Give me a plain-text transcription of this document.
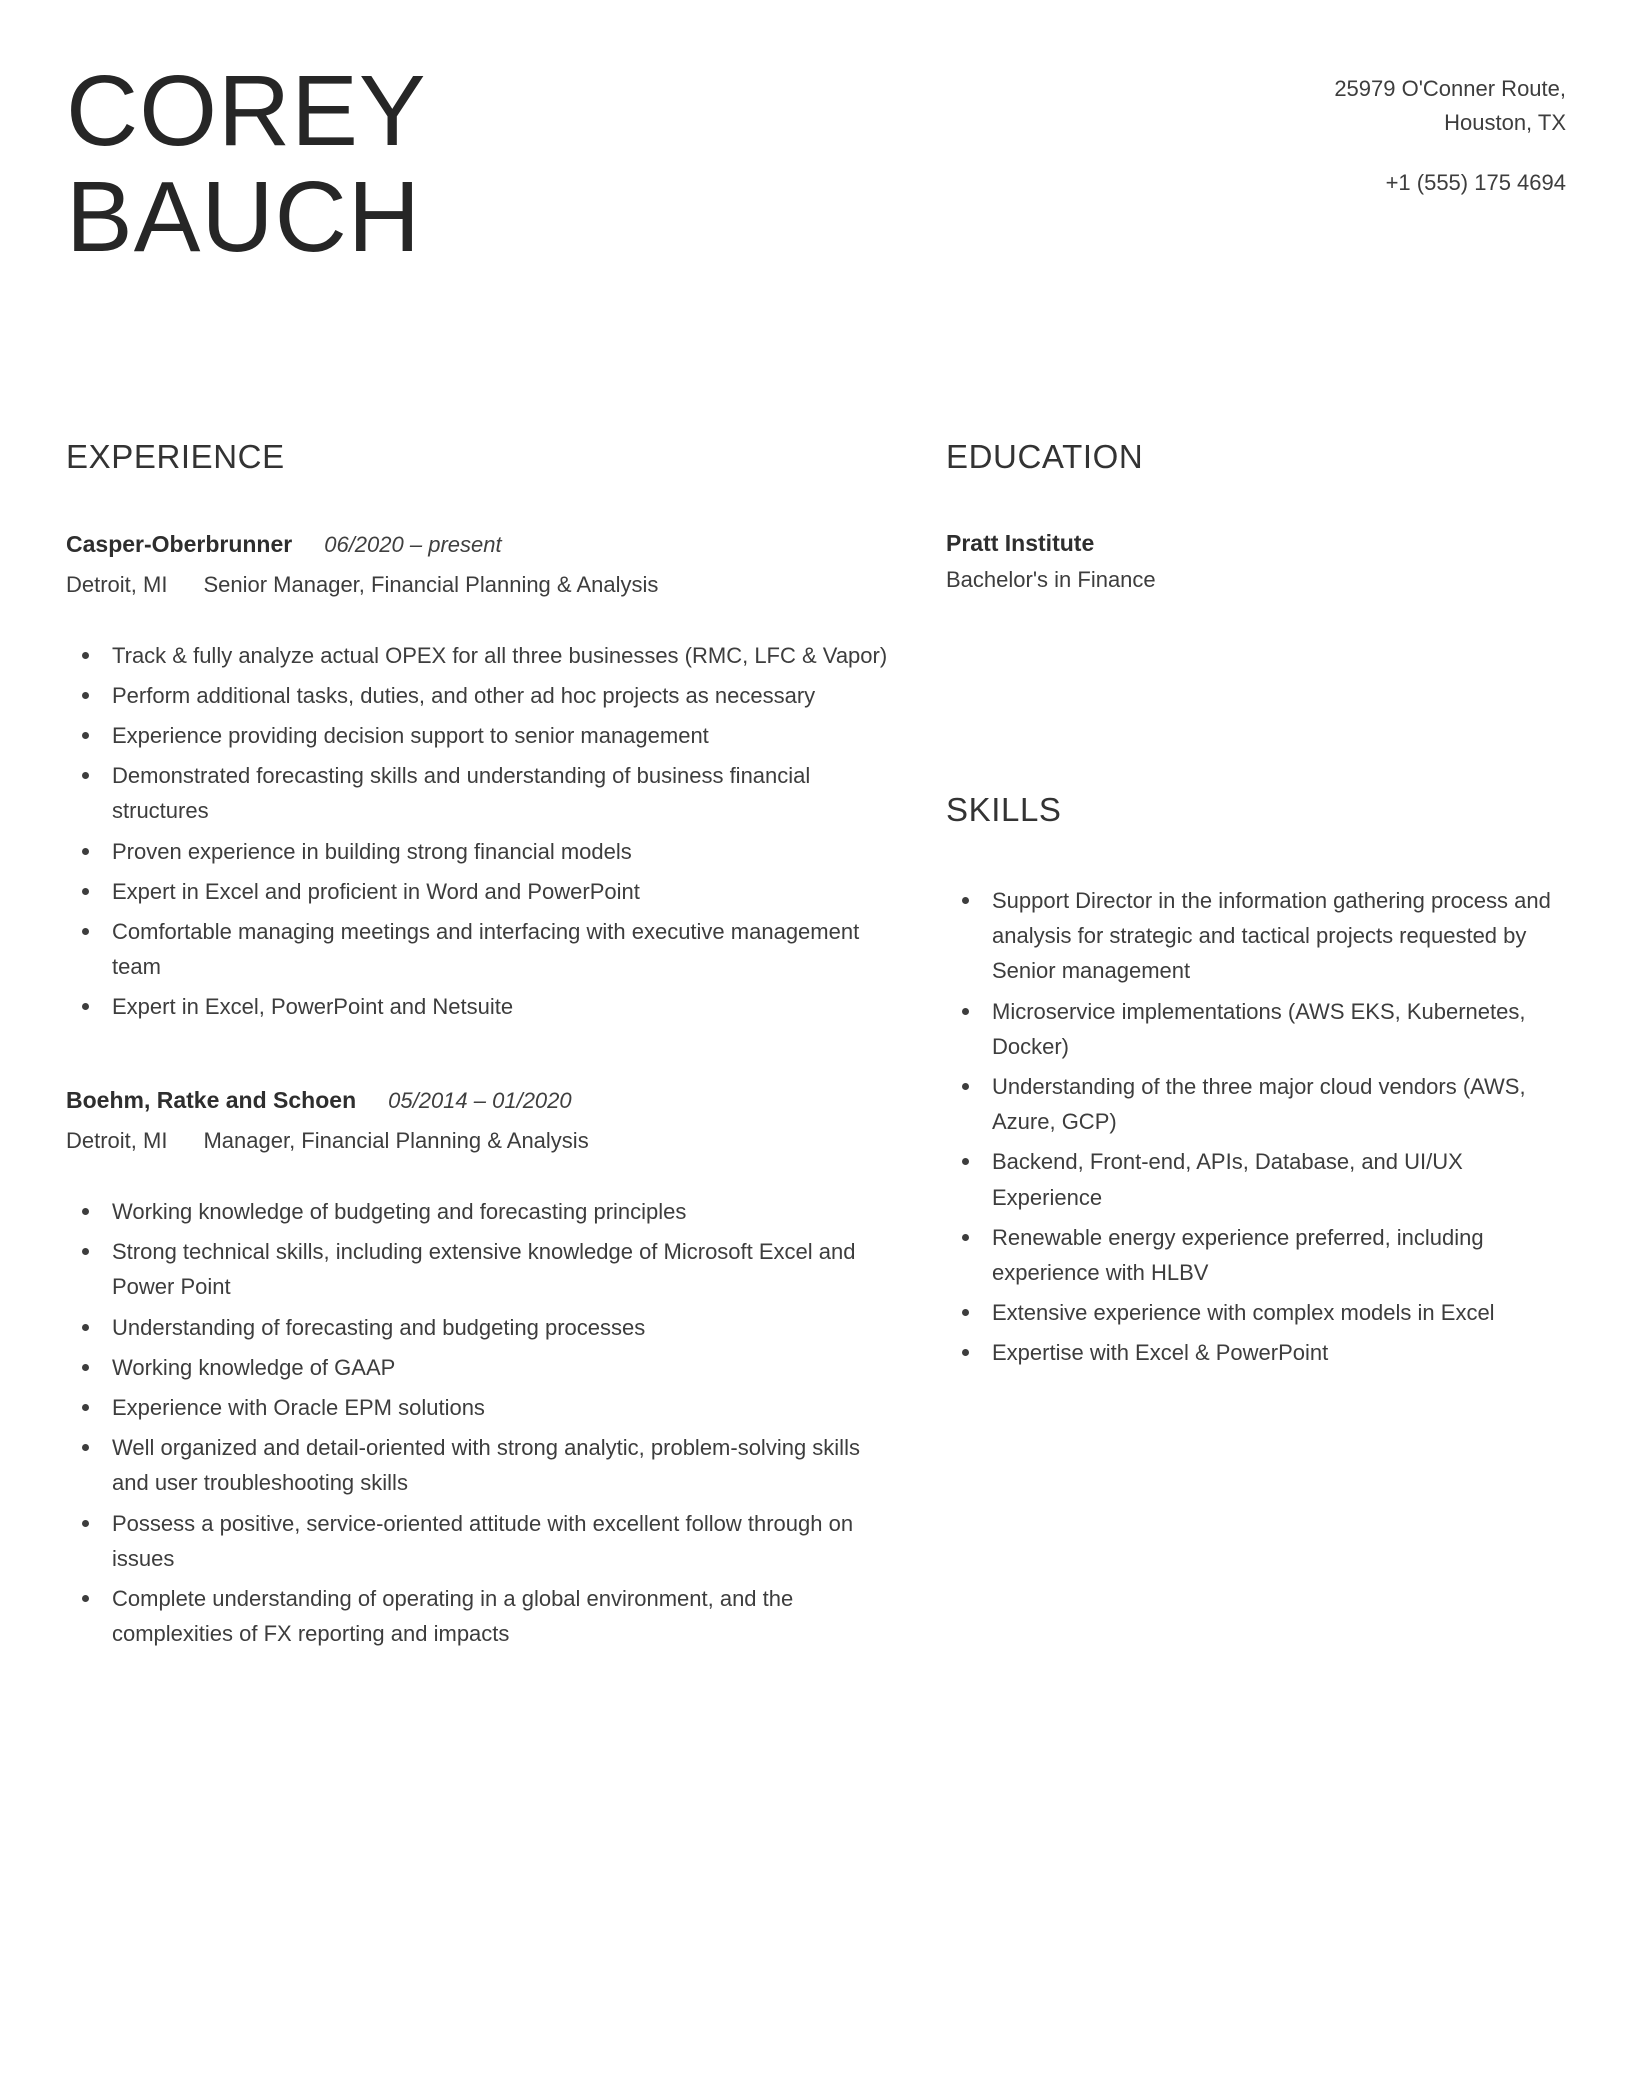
COREY
BAUCH
25979 O'Conner Route,
Houston, TX
+1 (555) 175 4694
EXPERIENCE
Casper-Oberbrunner 06/2020 – present
Detroit, MI Senior Manager, Financial Planning & Analysis
Track & fully analyze actual OPEX for all three businesses (RMC, LFC & Vapor)
Perform additional tasks, duties, and other ad hoc projects as necessary
Experience providing decision support to senior management
Demonstrated forecasting skills and understanding of business financial structures
Proven experience in building strong financial models
Expert in Excel and proficient in Word and PowerPoint
Comfortable managing meetings and interfacing with executive management team
Expert in Excel, PowerPoint and Netsuite
Boehm, Ratke and Schoen 05/2014 – 01/2020
Detroit, MI Manager, Financial Planning & Analysis
Working knowledge of budgeting and forecasting principles
Strong technical skills, including extensive knowledge of Microsoft Excel and Power Point
Understanding of forecasting and budgeting processes
Working knowledge of GAAP
Experience with Oracle EPM solutions
Well organized and detail-oriented with strong analytic, problem-solving skills and user troubleshooting skills
Possess a positive, service-oriented attitude with excellent follow through on issues
Complete understanding of operating in a global environment, and the complexities of FX reporting and impacts
EDUCATION
Pratt Institute
Bachelor's in Finance
SKILLS
Support Director in the information gathering process and analysis for strategic and tactical projects requested by Senior management
Microservice implementations (AWS EKS, Kubernetes, Docker)
Understanding of the three major cloud vendors (AWS, Azure, GCP)
Backend, Front-end, APIs, Database, and UI/UX Experience
Renewable energy experience preferred, including experience with HLBV
Extensive experience with complex models in Excel
Expertise with Excel & PowerPoint
